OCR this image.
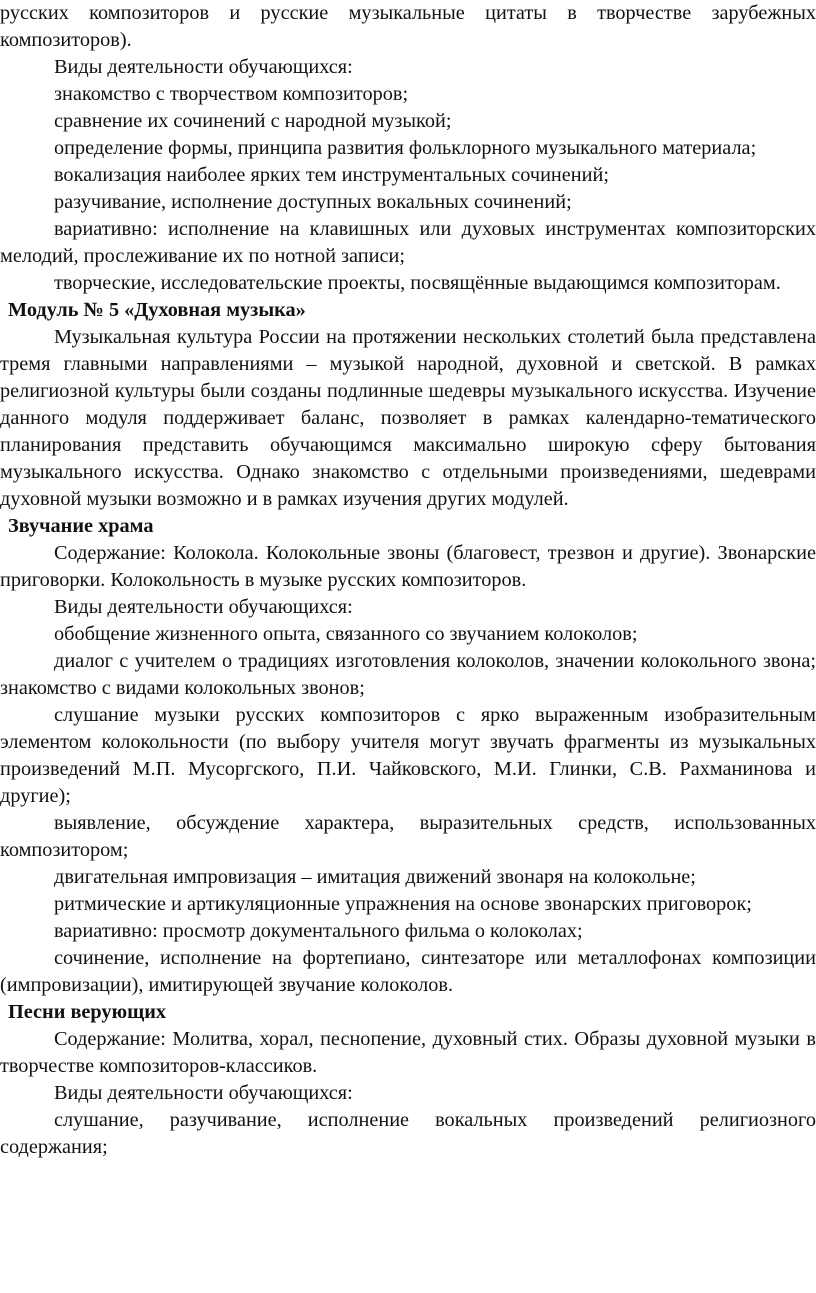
русских композиторов и русские музыкальные цитаты в творчестве зарубежных композиторов).

Виды деятельности обучающихся:

знакомство с творчеством композиторов;

сравнение их сочинений с народной музыкой;

определение формы, принципа развития фольклорного музыкального материала;

вокализация наиболее ярких тем инструментальных сочинений;

разучивание, исполнение доступных вокальных сочинений;

вариативно: исполнение на клавишных или духовых инструментах композиторских мелодий, прослеживание их по нотной записи;

творческие, исследовательские проекты, посвящённые выдающимся композиторам.

Модуль № 5 «Духовная музыка»

Музыкальная культура России на протяжении нескольких столетий была представлена тремя главными направлениями – музыкой народной, духовной и светской. В рамках религиозной культуры были созданы подлинные шедевры музыкального искусства. Изучение данного модуля поддерживает баланс, позволяет в рамках календарно-тематического планирования представить обучающимся максимально широкую сферу бытования музыкального искусства. Однако знакомство с отдельными произведениями, шедеврами духовной музыки возможно и в рамках изучения других модулей.

Звучание храма

Содержание: Колокола. Колокольные звоны (благовест, трезвон и другие). Звонарские приговорки. Колокольность в музыке русских композиторов.

Виды деятельности обучающихся:

обобщение жизненного опыта, связанного со звучанием колоколов;

диалог с учителем о традициях изготовления колоколов, значении колокольного звона; знакомство с видами колокольных звонов;

слушание музыки русских композиторов с ярко выраженным изобразительным элементом колокольности (по выбору учителя могут звучать фрагменты из музыкальных произведений М.П. Мусоргского, П.И. Чайковского, М.И. Глинки, С.В. Рахманинова и другие);

выявление, обсуждение характера, выразительных средств, использованных композитором;

двигательная импровизация – имитация движений звонаря на колокольне;

ритмические и артикуляционные упражнения на основе звонарских приговорок;

вариативно: просмотр документального фильма о колоколах;

сочинение, исполнение на фортепиано, синтезаторе или металлофонах композиции (импровизации), имитирующей звучание колоколов.

Песни верующих

Содержание: Молитва, хорал, песнопение, духовный стих. Образы духовной музыки в творчестве композиторов-классиков.

Виды деятельности обучающихся:

слушание, разучивание, исполнение вокальных произведений религиозного содержания;
